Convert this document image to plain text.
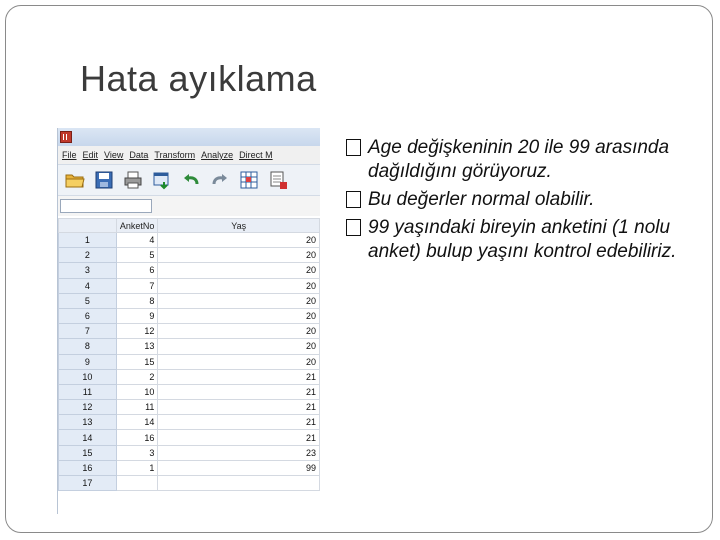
Hata ayıklama
File Edit View Data Transform Analyze Direct M
	AnketNo	Yaş
1	4	20
2	5	20
3	6	20
4	7	20
5	8	20
6	9	20
7	12	20
8	13	20
9	15	20
10	2	21
11	10	21
12	11	21
13	14	21
14	16	21
15	3	23
16	1	99
17		
Age değişkeninin 20 ile 99 arasında dağıldığını görüyoruz.
Bu değerler normal olabilir.
99 yaşındaki bireyin anketini (1 nolu anket) bulup yaşını kontrol edebiliriz.
